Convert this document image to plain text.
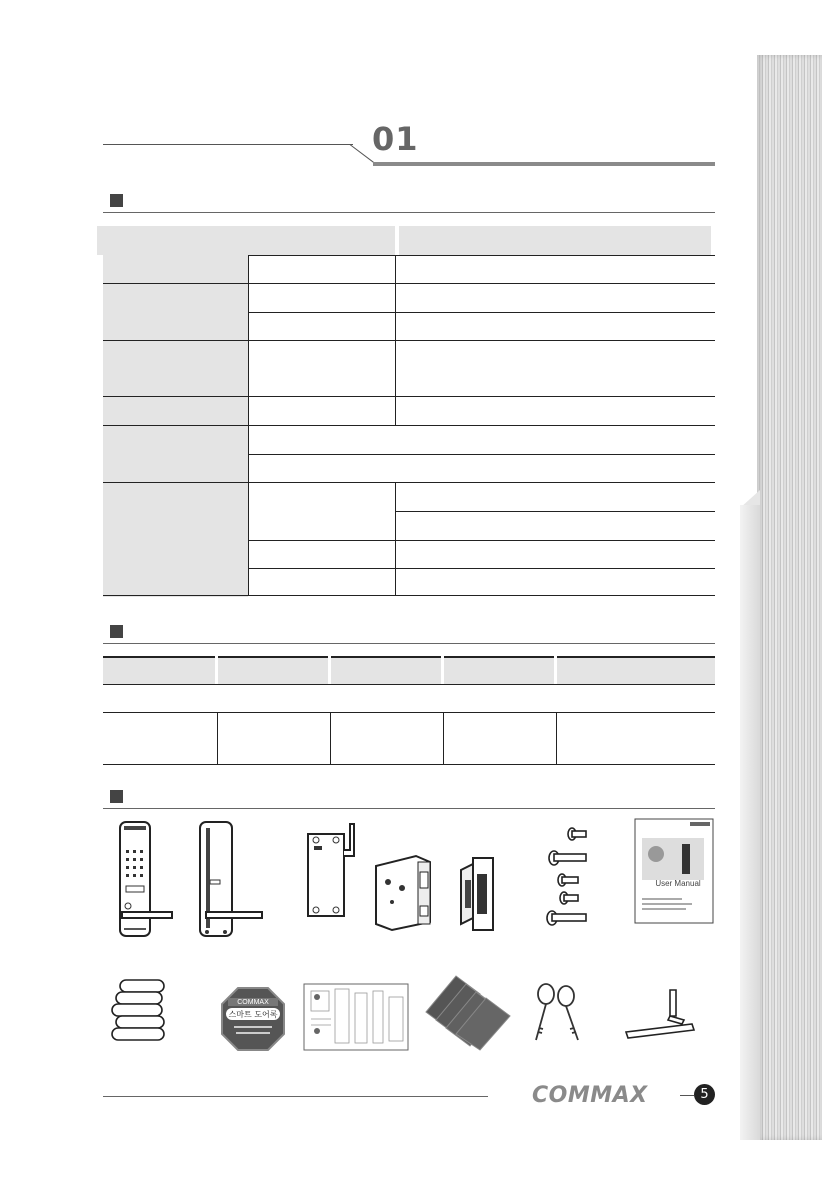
01
User Manual
COMMAX
스마트 도어록
COMMAX	5
